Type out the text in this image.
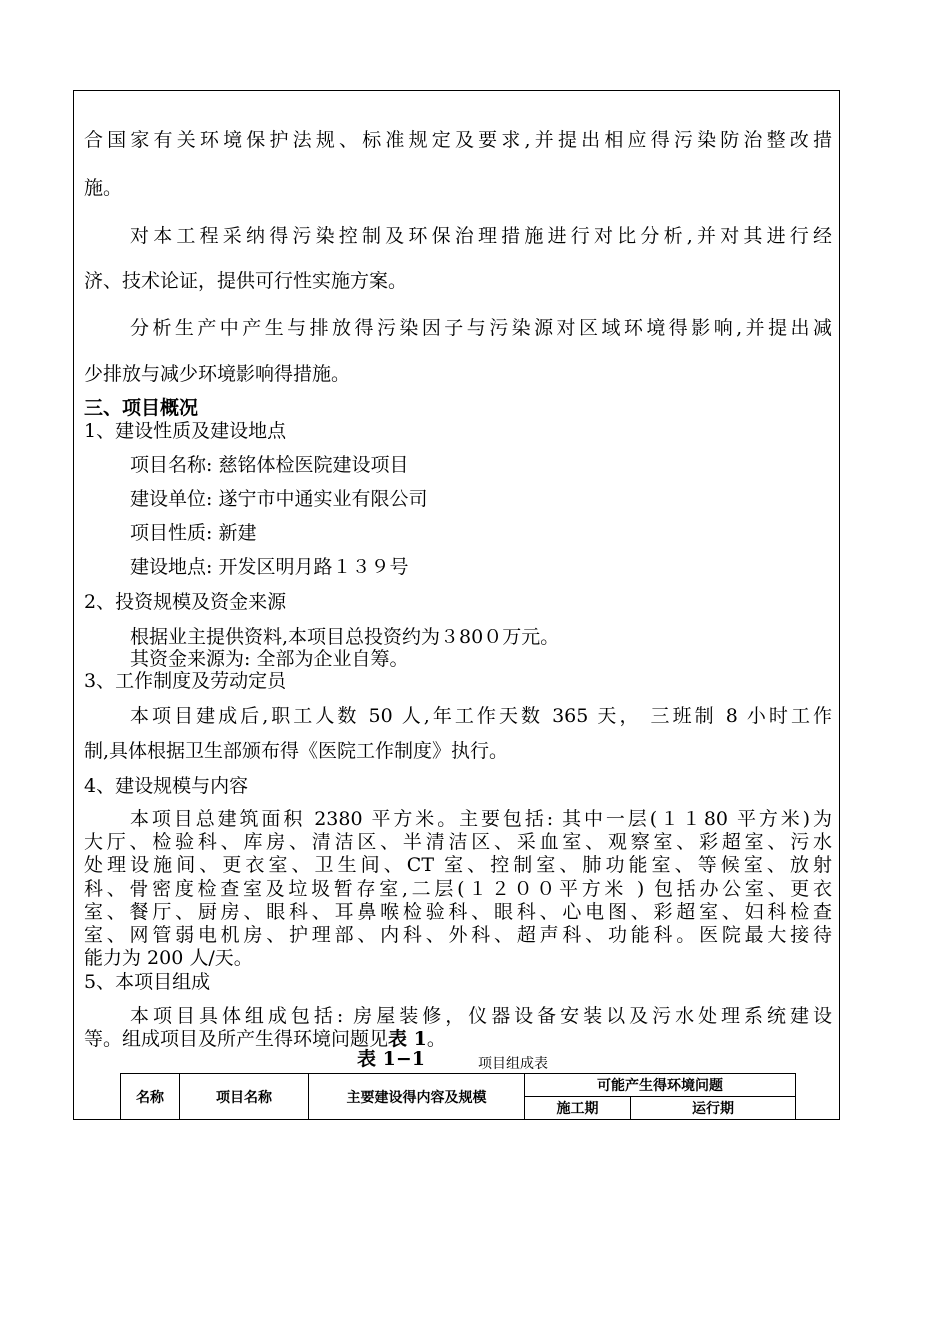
合国家有关环境保护法规、标准规定及要求,并提出相应得污染防治整改措
施。
对本工程采纳得污染控制及环保治理措施进行对比分析,并对其进行经
济、技术论证，提供可行性实施方案。
分析生产中产生与排放得污染因子与污染源对区域环境得影响,并提出减
少排放与减少环境影响得措施。
三、项目概况
1、建设性质及建设地点
项目名称: 慈铭体检医院建设项目
建设单位: 遂宁市中通实业有限公司
项目性质: 新建
建设地点: 开发区明月路１３９号
2、投资规模及资金来源
根据业主提供资料,本项目总投资约为３80０万元。
其资金来源为: 全部为企业自筹。
3、工作制度及劳动定员
本项目建成后,职工人数 50 人,年工作天数 365 天， 三班制 8 小时工作
制,具体根据卫生部颁布得《医院工作制度》执行。
4、建设规模与内容
本项目总建筑面积 2380 平方米。主要包括: 其中一层(１１80 平方米)为
大厅、检验科、库房、清洁区、半清洁区、采血室、观察室、彩超室、污水
处理设施间、更衣室、卫生间、CT 室、控制室、肺功能室、等候室、放射
科、骨密度检查室及垃圾暂存室,二层(１２００平方米 ) 包括办公室、更衣
室、餐厅、厨房、眼科、耳鼻喉检验科、眼科、心电图、彩超室、妇科检查
室、网管弱电机房、护理部、内科、外科、超声科、功能科。医院最大接待
能力为 200 人/天。
5、本项目组成
本项目具体组成包括: 房屋装修，仪器设备安装以及污水处理系统建设
等。组成项目及所产生得环境问题见表 1。
表 1−1	项目组成表
名称	项目名称	主要建设得内容及规模	可能产生得环境问题	
			施工期	运行期
